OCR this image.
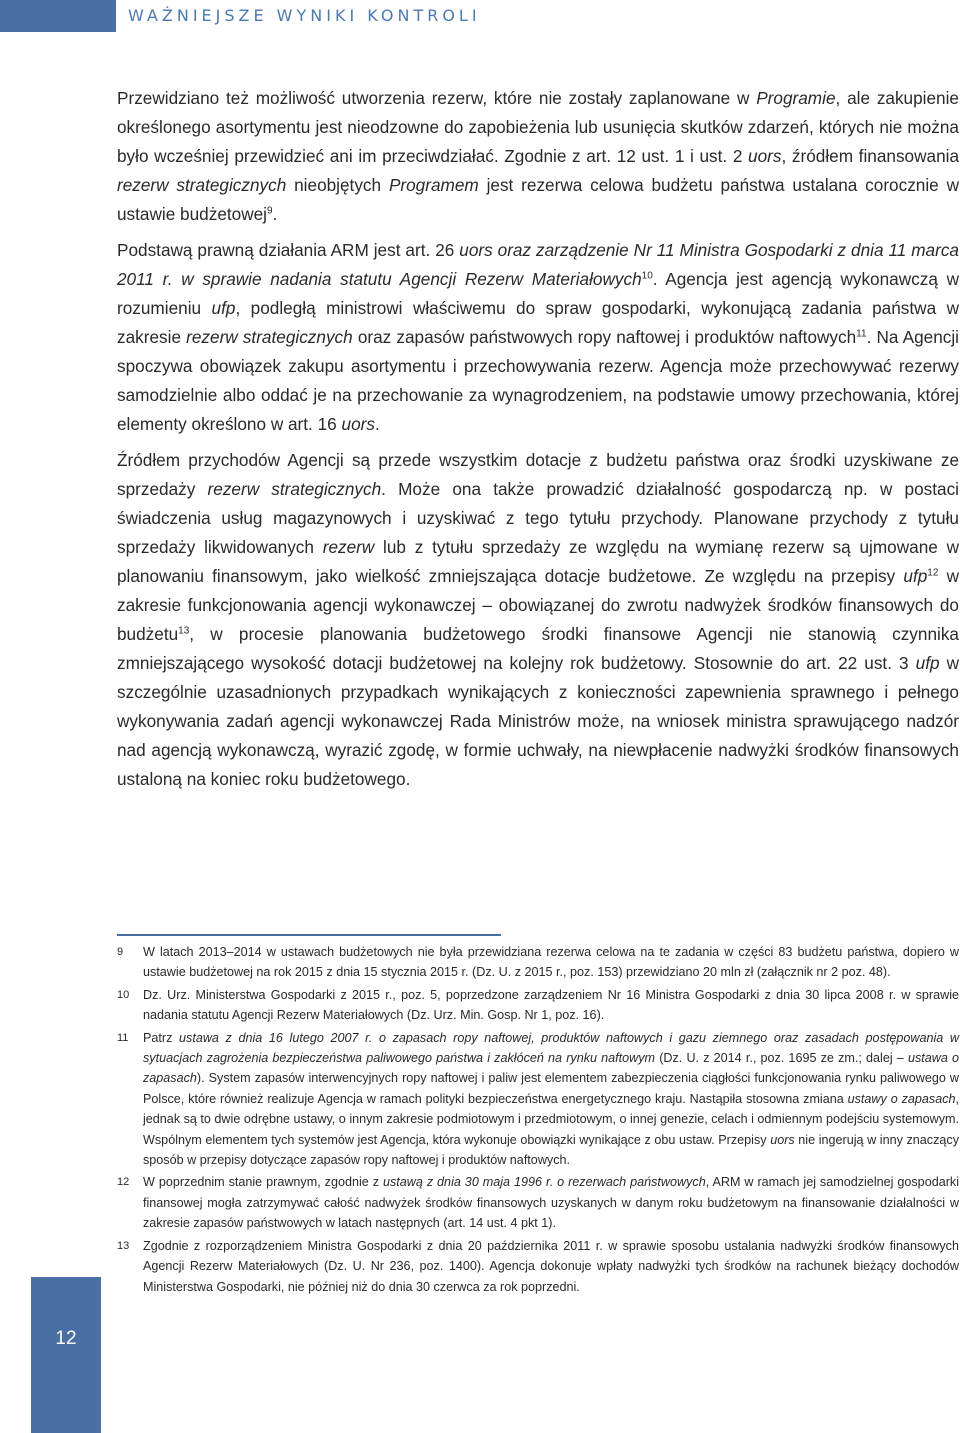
WAŻNIEJSZE WYNIKI KONTROLI

Przewidziano też możliwość utworzenia rezerw, które nie zostały zaplanowane w Programie, ale zakupienie określonego asortymentu jest nieodzowne do zapobieżenia lub usunięcia skutków zdarzeń, których nie można było wcześniej przewidzieć ani im przeciwdziałać. Zgodnie z art. 12 ust. 1 i ust. 2 uors, źródłem finansowania rezerw strategicznych nieobjętych Programem jest rezerwa celowa budżetu państwa ustalana corocznie w ustawie budżetowej$^9$.

Podstawą prawną działania ARM jest art. 26 uors oraz zarządzenie Nr 11 Ministra Gospodarki z dnia 11 marca 2011 r. w sprawie nadania statutu Agencji Rezerw Materiałowych$^{10}$. Agencja jest agencją wykonawczą w rozumieniu ufp, podległą ministrowi właściwemu do spraw gospodarki, wykonującą zadania państwa w zakresie rezerw strategicznych oraz zapasów państwowych ropy naftowej i produktów naftowych$^{11}$. Na Agencji spoczywa obowiązek zakupu asortymentu i przechowywania rezerw. Agencja może przechowywać rezerwy samodzielnie albo oddać je na przechowanie za wynagrodzeniem, na podstawie umowy przechowania, której elementy określono w art. 16 uors.

Źródłem przychodów Agencji są przede wszystkim dotacje z budżetu państwa oraz środki uzyskiwane ze sprzedaży rezerw strategicznych. Może ona także prowadzić działalność gospodarczą np. w postaci świadczenia usług magazynowych i uzyskiwać z tego tytułu przychody. Planowane przychody z tytułu sprzedaży likwidowanych rezerw lub z tytułu sprzedaży ze względu na wymianę rezerw są ujmowane w planowaniu finansowym, jako wielkość zmniejszająca dotacje budżetowe. Ze względu na przepisy ufp$^{12}$ w zakresie funkcjonowania agencji wykonawczej – obowiązanej do zwrotu nadwyżek środków finansowych do budżetu$^{13}$, w procesie planowania budżetowego środki finansowe Agencji nie stanowią czynnika zmniejszającego wysokość dotacji budżetowej na kolejny rok budżetowy. Stosownie do art. 22 ust. 3 ufp w szczególnie uzasadnionych przypadkach wynikających z konieczności zapewnienia sprawnego i pełnego wykonywania zadań agencji wykonawczej Rada Ministrów może, na wniosek ministra sprawującego nadzór nad agencją wykonawczą, wyrazić zgodę, w formie uchwały, na niewpłacenie nadwyżki środków finansowych ustaloną na koniec roku budżetowego.

9 W latach 2013–2014 w ustawach budżetowych nie była przewidziana rezerwa celowa na te zadania w części 83 budżetu państwa, dopiero w ustawie budżetowej na rok 2015 z dnia 15 stycznia 2015 r. (Dz. U. z 2015 r., poz. 153) przewidziano 20 mln zł (załącznik nr 2 poz. 48).
10 Dz. Urz. Ministerstwa Gospodarki z 2015 r., poz. 5, poprzedzone zarządzeniem Nr 16 Ministra Gospodarki z dnia 30 lipca 2008 r. w sprawie nadania statutu Agencji Rezerw Materiałowych (Dz. Urz. Min. Gosp. Nr 1, poz. 16).
11 Patrz ustawa z dnia 16 lutego 2007 r. o zapasach ropy naftowej, produktów naftowych i gazu ziemnego oraz zasadach postępowania w sytuacjach zagrożenia bezpieczeństwa paliwowego państwa i zakłóceń na rynku naftowym (Dz. U. z 2014 r., poz. 1695 ze zm.; dalej – ustawa o zapasach). System zapasów interwencyjnych ropy naftowej i paliw jest elementem zabezpieczenia ciągłości funkcjonowania rynku paliwowego w Polsce, które również realizuje Agencja w ramach polityki bezpieczeństwa energetycznego kraju. Nastąpiła stosowna zmiana ustawy o zapasach, jednak są to dwie odrębne ustawy, o innym zakresie podmiotowym i przedmiotowym, o innej genezie, celach i odmiennym podejściu systemowym. Wspólnym elementem tych systemów jest Agencja, która wykonuje obowiązki wynikające z obu ustaw. Przepisy uors nie ingerują w inny znaczący sposób w przepisy dotyczące zapasów ropy naftowej i produktów naftowych.
12 W poprzednim stanie prawnym, zgodnie z ustawą z dnia 30 maja 1996 r. o rezerwach państwowych, ARM w ramach jej samodzielnej gospodarki finansowej mogła zatrzymywać całość nadwyżek środków finansowych uzyskanych w danym roku budżetowym na finansowanie działalności w zakresie zapasów państwowych w latach następnych (art. 14 ust. 4 pkt 1).
13 Zgodnie z rozporządzeniem Ministra Gospodarki z dnia 20 października 2011 r. w sprawie sposobu ustalania nadwyżki środków finansowych Agencji Rezerw Materiałowych (Dz. U. Nr 236, poz. 1400). Agencja dokonuje wpłaty nadwyżki tych środków na rachunek bieżący dochodów Ministerstwa Gospodarki, nie później niż do dnia 30 czerwca za rok poprzedni.
12
